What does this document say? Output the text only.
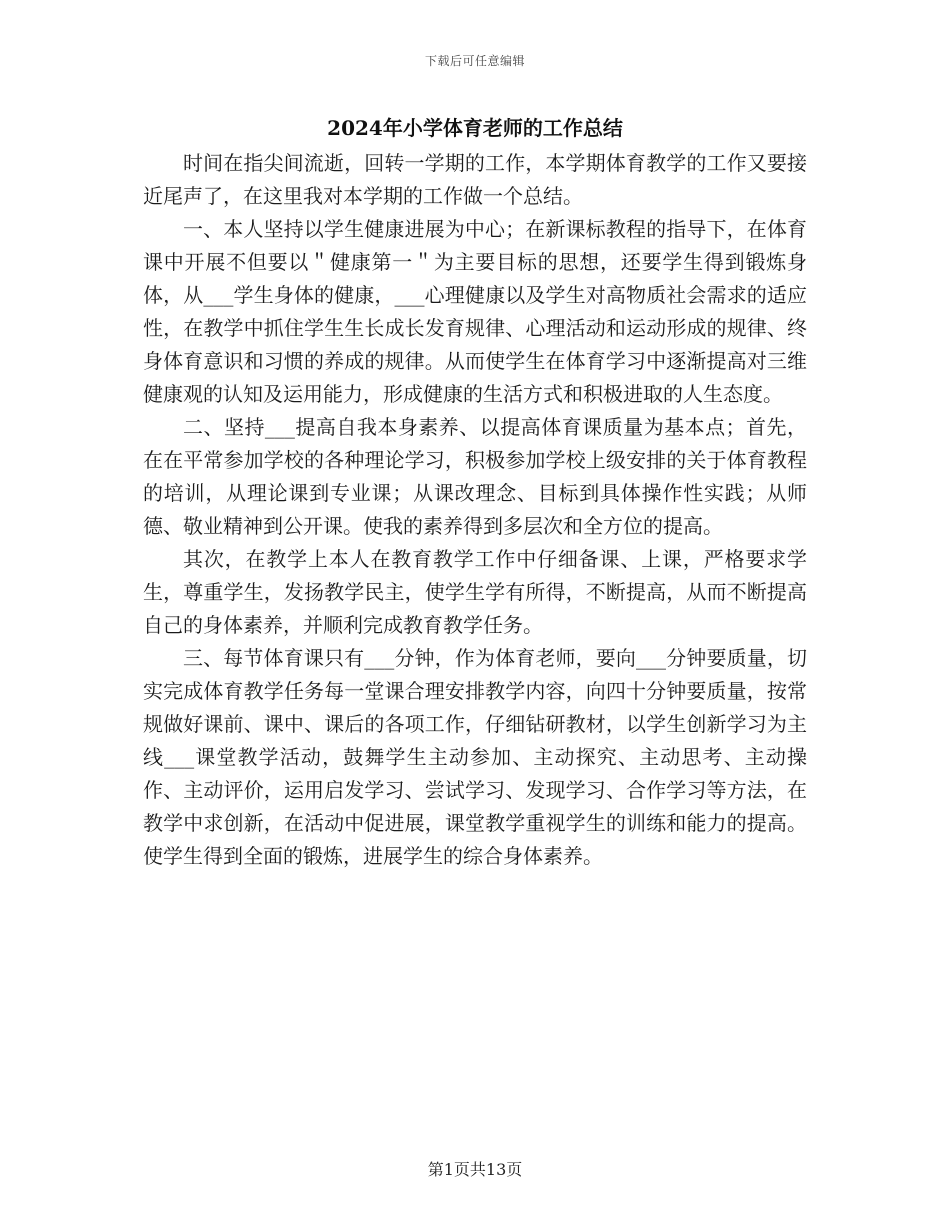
下载后可任意编辑
2024年小学体育老师的工作总结

时间在指尖间流逝，回转一学期的工作，本学期体育教学的工作又要接近尾声了，在这里我对本学期的工作做一个总结。

一、本人坚持以学生健康进展为中心；在新课标教程的指导下，在体育课中开展不但要以＂健康第一＂为主要目标的思想，还要学生得到锻炼身体，从___学生身体的健康，___心理健康以及学生对高物质社会需求的适应性，在教学中抓住学生生长成长发育规律、心理活动和运动形成的规律、终身体育意识和习惯的养成的规律。从而使学生在体育学习中逐渐提高对三维健康观的认知及运用能力，形成健康的生活方式和积极进取的人生态度。

二、坚持___提高自我本身素养、以提高体育课质量为基本点；首先，在在平常参加学校的各种理论学习，积极参加学校上级安排的关于体育教程的培训，从理论课到专业课；从课改理念、目标到具体操作性实践；从师德、敬业精神到公开课。使我的素养得到多层次和全方位的提高。

其次，在教学上本人在教育教学工作中仔细备课、上课，严格要求学生，尊重学生，发扬教学民主，使学生学有所得，不断提高，从而不断提高自己的身体素养，并顺利完成教育教学任务。

三、每节体育课只有___分钟，作为体育老师，要向___分钟要质量，切实完成体育教学任务每一堂课合理安排教学内容，向四十分钟要质量，按常规做好课前、课中、课后的各项工作，仔细钻研教材，以学生创新学习为主线___课堂教学活动，鼓舞学生主动参加、主动探究、主动思考、主动操作、主动评价，运用启发学习、尝试学习、发现学习、合作学习等方法，在教学中求创新，在活动中促进展，课堂教学重视学生的训练和能力的提高。使学生得到全面的锻炼，进展学生的综合身体素养。

第1页共13页
